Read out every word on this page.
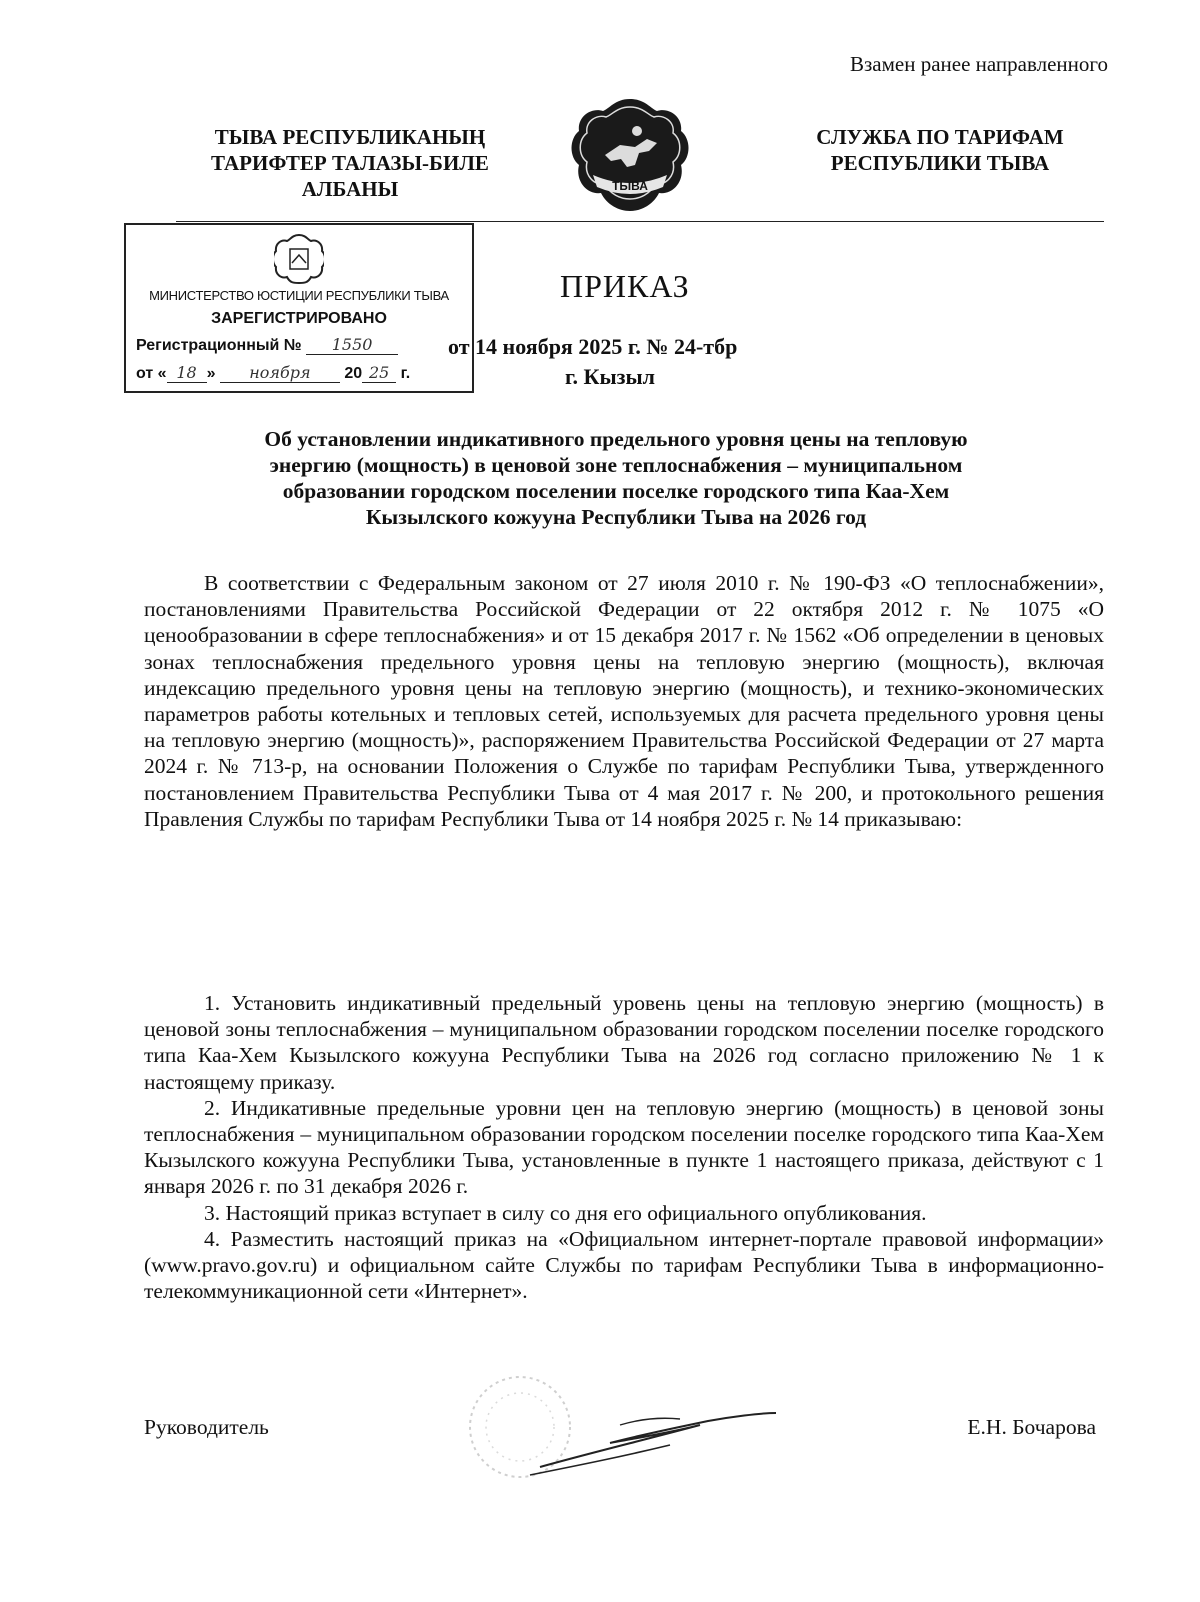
Взамен ранее направленного
ТЫВА РЕСПУБЛИКАНЫҢ
ТАРИФТЕР ТАЛАЗЫ-БИЛЕ
АЛБАНЫ	ТЫВА
СЛУЖБА ПО ТАРИФАМ
РЕСПУБЛИКИ ТЫВА
МИНИСТЕРСТВО ЮСТИЦИИ РЕСПУБЛИКИ ТЫВА
ЗАРЕГИСТРИРОВАНО
Регистрационный № 1550
от « 18 » ноября 20 25 г.
ПРИКАЗ
от 14 ноября 2025 г. № 24-тбр
г. Кызыл
Об установлении индикативного предельного уровня цены на тепловую
энергию (мощность) в ценовой зоне теплоснабжения – муниципальном
образовании городском поселении поселке городского типа Каа-Хем
Кызылского кожууна Республики Тыва на 2026 год

В соответствии с Федеральным законом от 27 июля 2010 г. № 190-ФЗ «О теплоснабжении», постановлениями Правительства Российской Федерации от 22 октября 2012 г. № 1075 «О ценообразовании в сфере теплоснабжения» и от 15 декабря 2017 г. № 1562 «Об определении в ценовых зонах теплоснабжения предельного уровня цены на тепловую энергию (мощность), включая индексацию предельного уровня цены на тепловую энергию (мощность), и технико-экономических параметров работы котельных и тепловых сетей, используемых для расчета предельного уровня цены на тепловую энергию (мощность)», распоряжением Правительства Российской Федерации от 27 марта 2024 г. № 713-р, на основании Положения о Службе по тарифам Республики Тыва, утвержденного постановлением Правительства Республики Тыва от 4 мая 2017 г. № 200, и протокольного решения Правления Службы по тарифам Республики Тыва от 14 ноября 2025 г. № 14 приказываю:

1. Установить индикативный предельный уровень цены на тепловую энергию (мощность) в ценовой зоны теплоснабжения – муниципальном образовании городском поселении поселке городского типа Каа-Хем Кызылского кожууна Республики Тыва на 2026 год согласно приложению № 1 к настоящему приказу.

2. Индикативные предельные уровни цен на тепловую энергию (мощность) в ценовой зоны теплоснабжения – муниципальном образовании городском поселении поселке городского типа Каа-Хем Кызылского кожууна Республики Тыва, установленные в пункте 1 настоящего приказа, действуют с 1 января 2026 г. по 31 декабря 2026 г.

3. Настоящий приказ вступает в силу со дня его официального опубликования.

4. Разместить настоящий приказ на «Официальном интернет-портале правовой информации» (www.pravo.gov.ru) и официальном сайте Службы по тарифам Республики Тыва в информационно-телекоммуникационной сети «Интернет».

Руководитель	Е.Н. Бочарова
